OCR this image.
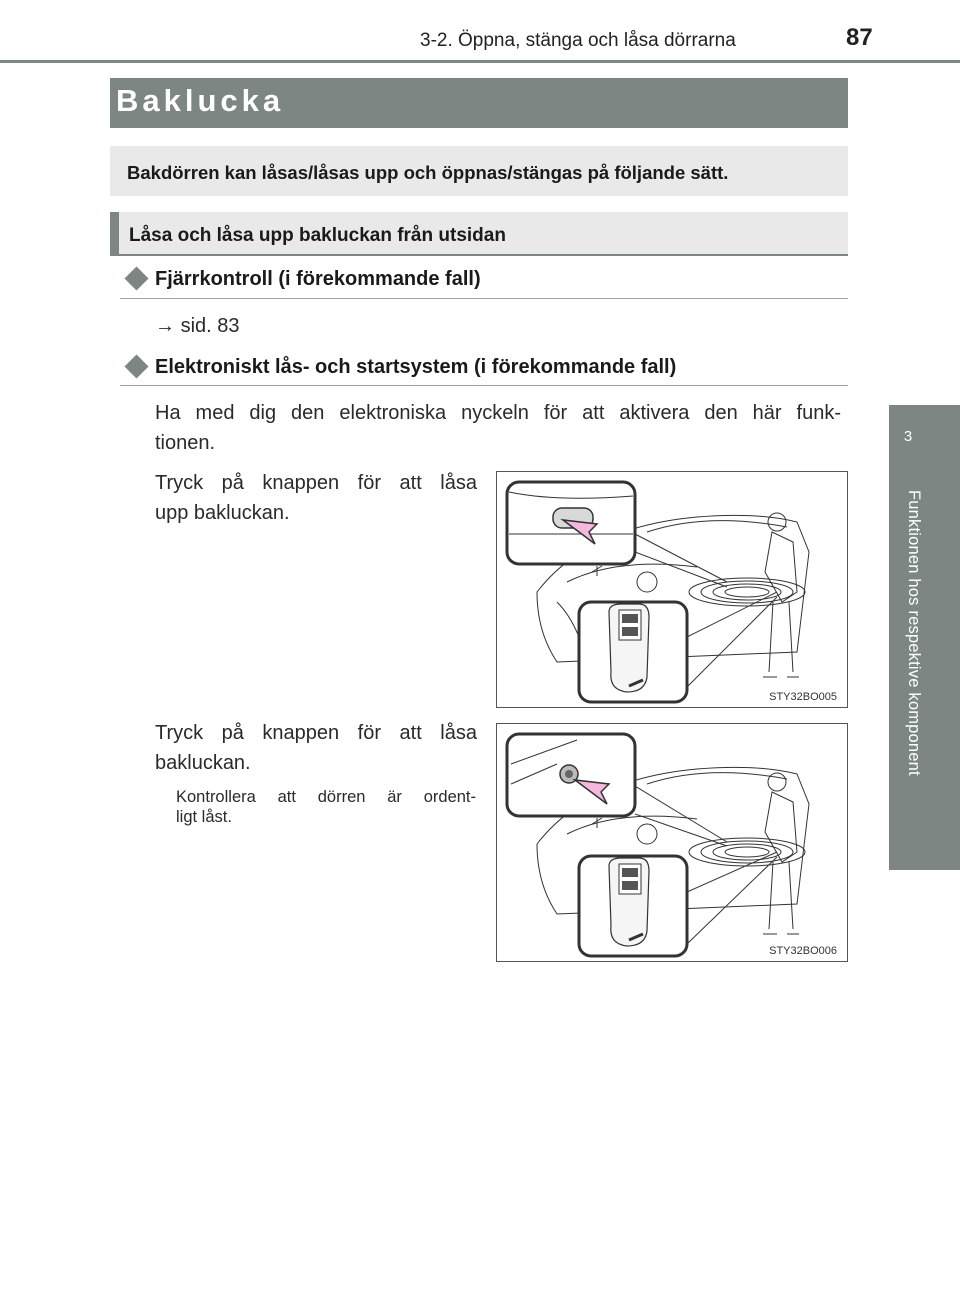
3-2. Öppna, stänga och låsa dörrarna	87
3
Funktionen hos respektive komponent
Baklucka
Bakdörren kan låsas/låsas upp och öppnas/stängas på följande sätt.
Låsa och låsa upp bakluckan från utsidan
Fjärrkontroll (i förekommande fall)
→ sid. 83
Elektroniskt lås- och startsystem (i förekommande fall)
Ha med dig den elektroniska nyckeln för att aktivera den här funk-
tionen.
Tryck på knappen för att låsa
upp bakluckan.
STY32BO005
Tryck på knappen för att låsa
bakluckan.
Kontrollera att dörren är ordent-
ligt låst.
STY32BO006
